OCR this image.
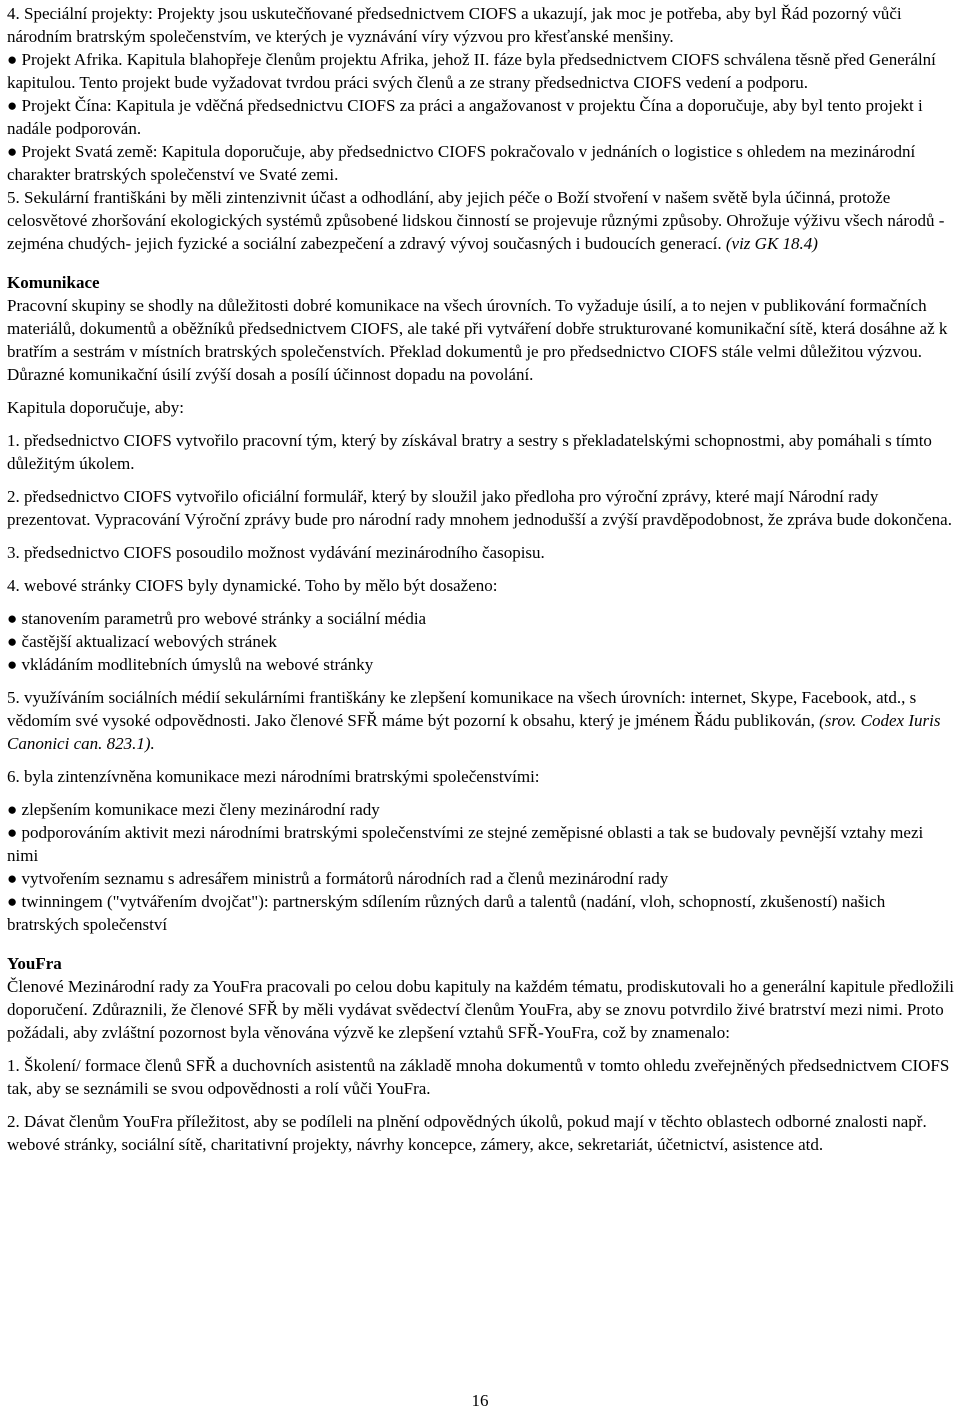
4. Speciální projekty: Projekty jsou uskutečňované předsednictvem CIOFS a ukazují, jak moc je potřeba, aby byl Řád pozorný vůči národním bratrským společenstvím, ve kterých je vyznávání víry výzvou pro křesťanské menšiny.

● Projekt Afrika. Kapitula blahopřeje členům projektu Afrika, jehož II. fáze byla předsednictvem CIOFS schválena těsně před Generální kapitulou. Tento projekt bude vyžadovat tvrdou práci svých členů a ze strany předsednictva CIOFS vedení a podporu.

● Projekt Čína: Kapitula je vděčná předsednictvu CIOFS za práci a angažovanost v projektu Čína a doporučuje, aby byl tento projekt i nadále podporován.

● Projekt Svatá země: Kapitula doporučuje, aby předsednictvo CIOFS pokračovalo v jednáních o logistice s ohledem na mezinárodní charakter bratrských společenství ve Svaté zemi.

5. Sekulární františkáni by měli zintenzivnit účast a odhodlání, aby jejich péče o Boží stvoření v našem světě byla účinná, protože celosvětové zhoršování ekologických systémů způsobené lidskou činností se projevuje různými způsoby. Ohrožuje výživu všech národů - zejména chudých- jejich fyzické a sociální zabezpečení a zdravý vývoj současných i budoucích generací. (viz GK 18.4)

Komunikace

Pracovní skupiny se shodly na důležitosti dobré komunikace na všech úrovních. To vyžaduje úsilí, a to nejen v publikování formačních materiálů, dokumentů a oběžníků předsednictvem CIOFS, ale také při vytváření dobře strukturované komunikační sítě, která dosáhne až k bratřím a sestrám v místních bratrských společenstvích. Překlad dokumentů je pro předsednictvo CIOFS stále velmi důležitou výzvou. Důrazné komunikační úsilí zvýší dosah a posílí účinnost dopadu na povolání.

Kapitula doporučuje, aby:

1. předsednictvo CIOFS vytvořilo pracovní tým, který by získával bratry a sestry s překladatelskými schopnostmi, aby pomáhali s tímto důležitým úkolem.

2. předsednictvo CIOFS vytvořilo oficiální formulář, který by sloužil jako předloha pro výroční zprávy, které mají Národní rady prezentovat. Vypracování Výroční zprávy bude pro národní rady mnohem jednodušší a zvýší pravděpodobnost, že zpráva bude dokončena.

3. předsednictvo CIOFS posoudilo možnost vydávání mezinárodního časopisu.

4. webové stránky CIOFS byly dynamické. Toho by mělo být dosaženo:

● stanovením parametrů pro webové stránky a sociální média

● častější aktualizací webových stránek

● vkládáním modlitebních úmyslů na webové stránky

5. využíváním sociálních médií sekulárními františkány ke zlepšení komunikace na všech úrovních: internet, Skype, Facebook, atd., s vědomím své vysoké odpovědnosti. Jako členové SFŘ máme být pozorní k obsahu, který je jménem Řádu publikován, (srov. Codex Iuris Canonici can. 823.1).

6. byla zintenzívněna komunikace mezi národními bratrskými společenstvími:

● zlepšením komunikace mezi členy mezinárodní rady

● podporováním aktivit mezi národními bratrskými společenstvími ze stejné zeměpisné oblasti a tak se budovaly pevnější vztahy mezi nimi

● vytvořením seznamu s adresářem ministrů a formátorů národních rad a členů mezinárodní rady

● twinningem ("vytvářením dvojčat"): partnerským sdílením různých darů a talentů (nadání, vloh, schopností, zkušeností) našich bratrských společenství

YouFra

Členové Mezinárodní rady za YouFra pracovali po celou dobu kapituly na každém tématu, prodiskutovali ho a generální kapitule předložili doporučení. Zdůraznili, že členové SFŘ by měli vydávat svědectví členům YouFra, aby se znovu potvrdilo živé bratrství mezi nimi. Proto požádali, aby zvláštní pozornost byla věnována výzvě ke zlepšení vztahů SFŘ-YouFra, což by znamenalo:

1. Školení/ formace členů SFŘ a duchovních asistentů na základě mnoha dokumentů v tomto ohledu zveřejněných předsednictvem CIOFS tak, aby se seznámili se svou odpovědnosti a rolí vůči YouFra.

2. Dávat členům YouFra příležitost, aby se podíleli na plnění odpovědných úkolů, pokud mají v těchto oblastech odborné znalosti např. webové stránky, sociální sítě, charitativní projekty, návrhy koncepce, zámery, akce, sekretariát, účetnictví, asistence atd.

16
